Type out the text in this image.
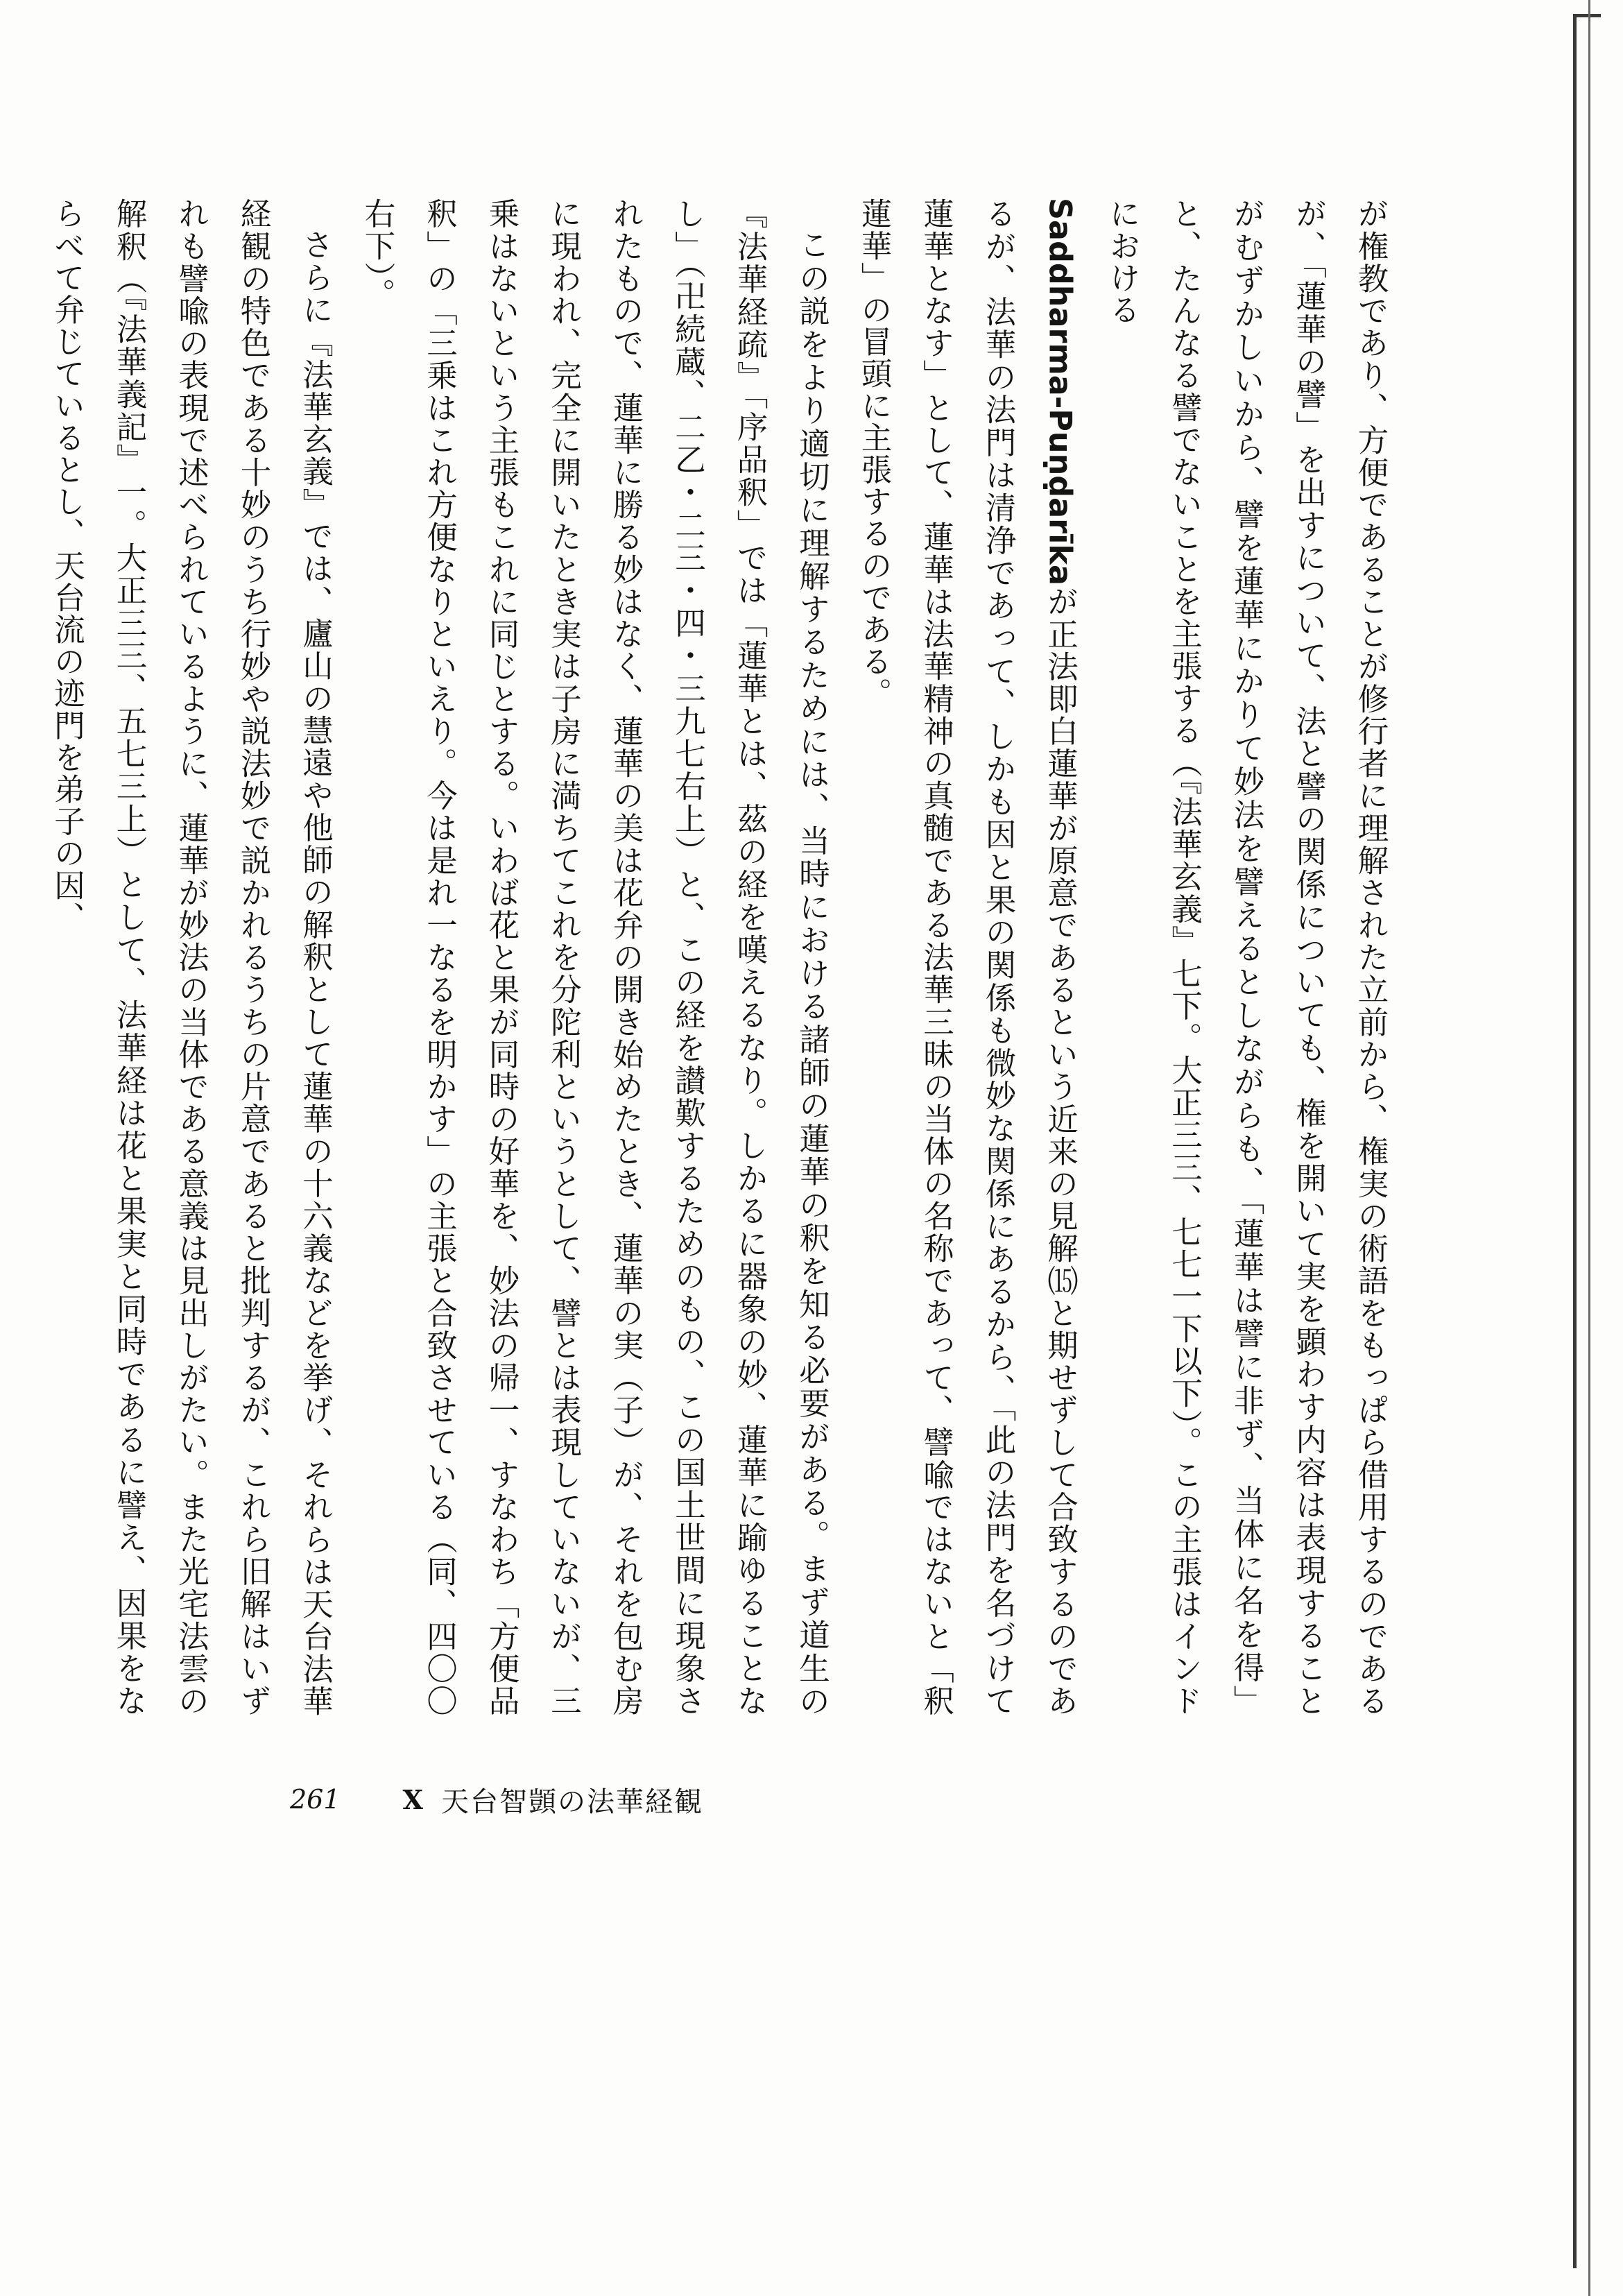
が権教であり、方便であることが修行者に理解された立前から、権実の術語をもっぱら借用するのであるが、「蓮華の譬」を出すについて、法と譬の関係についても、権を開いて実を顕わす内容は表現することがむずかしいから、譬を蓮華にかりて妙法を譬えるとしながらも、「蓮華は譬に非ず、当体に名を得」と、たんなる譬でないことを主張する（『法華玄義』七下。大正三三、七七一下以下）。この主張はインドにおける

Saddharma-Puṇḍarīkaが正法即白蓮華が原意であるという近来の見解⒂と期せずして合致するのであるが、法華の法門は清浄であって、しかも因と果の関係も微妙な関係にあるから、「此の法門を名づけて蓮華となす」として、蓮華は法華精神の真髄である法華三昧の当体の名称であって、譬喩ではないと「釈蓮華」の冒頭に主張するのである。

この説をより適切に理解するためには、当時における諸師の蓮華の釈を知る必要がある。まず道生の『法華経疏』「序品釈」では「蓮華とは、茲の経を嘆えるなり。しかるに器象の妙、蓮華に踰ゆることなし」（卍続蔵、二乙・二三・四・三九七右上）と、この経を讃歎するためのもの、この国土世間に現象されたもので、蓮華に勝る妙はなく、蓮華の美は花弁の開き始めたとき、蓮華の実（子）が、それを包む房に現われ、完全に開いたとき実は子房に満ちてこれを分陀利というとして、譬とは表現していないが、三乗はないという主張もこれに同じとする。いわば花と果が同時の好華を、妙法の帰一、すなわち「方便品釈」の「三乗はこれ方便なりといえり。今は是れ一なるを明かす」の主張と合致させている（同、四〇〇右下）。

さらに『法華玄義』では、廬山の慧遠や他師の解釈として蓮華の十六義などを挙げ、それらは天台法華経観の特色である十妙のうち行妙や説法妙で説かれるうちの片意であると批判するが、これら旧解はいずれも譬喩の表現で述べられているように、蓮華が妙法の当体である意義は見出しがたい。また光宅法雲の解釈（『法華義記』一。大正三三、五七三上）として、法華経は花と果実と同時であるに譬え、因果をならべて弁じているとし、天台流の迹門を弟子の因、

261 Ⅹ 天台智顗の法華経観
